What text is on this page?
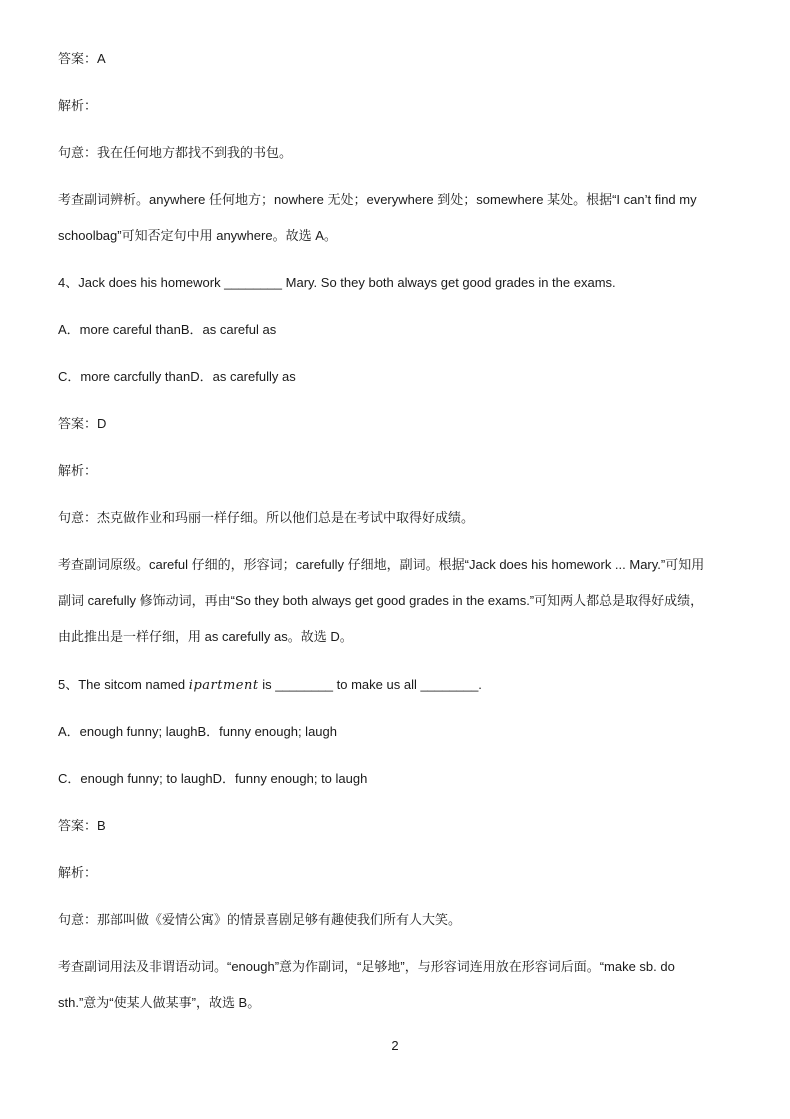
答案：A
解析：
句意：我在任何地方都找不到我的书包。
考查副词辨析。anywhere 任何地方；nowhere 无处；everywhere 到处；somewhere 某处。根据“I can’t find my
schoolbag”可知否定句中用 anywhere。故选 A。
4、Jack does his homework ________ Mary. So they both always get good grades in the exams.
A．more careful thanB．as careful as
C．more carcfully thanD．as carefully as
答案：D
解析：
句意：杰克做作业和玛丽一样仔细。所以他们总是在考试中取得好成绩。
考查副词原级。careful 仔细的，形容词；carefully 仔细地，副词。根据“Jack does his homework ... Mary.”可知用
副词 carefully 修饰动词，再由“So they both always get good grades in the exams.”可知两人都总是取得好成绩，
由此推出是一样仔细，用 as carefully as。故选 D。
5、The sitcom named ipartment is ________ to make us all ________.
A．enough funny; laughB．funny enough; laugh
C．enough funny; to laughD．funny enough; to laugh
答案：B
解析：
句意：那部叫做《爱情公寓》的情景喜剧足够有趣使我们所有人大笑。
考查副词用法及非谓语动词。“enough”意为作副词，“足够地”，与形容词连用放在形容词后面。“make sb. do
sth.”意为“使某人做某事”，故选 B。
2
